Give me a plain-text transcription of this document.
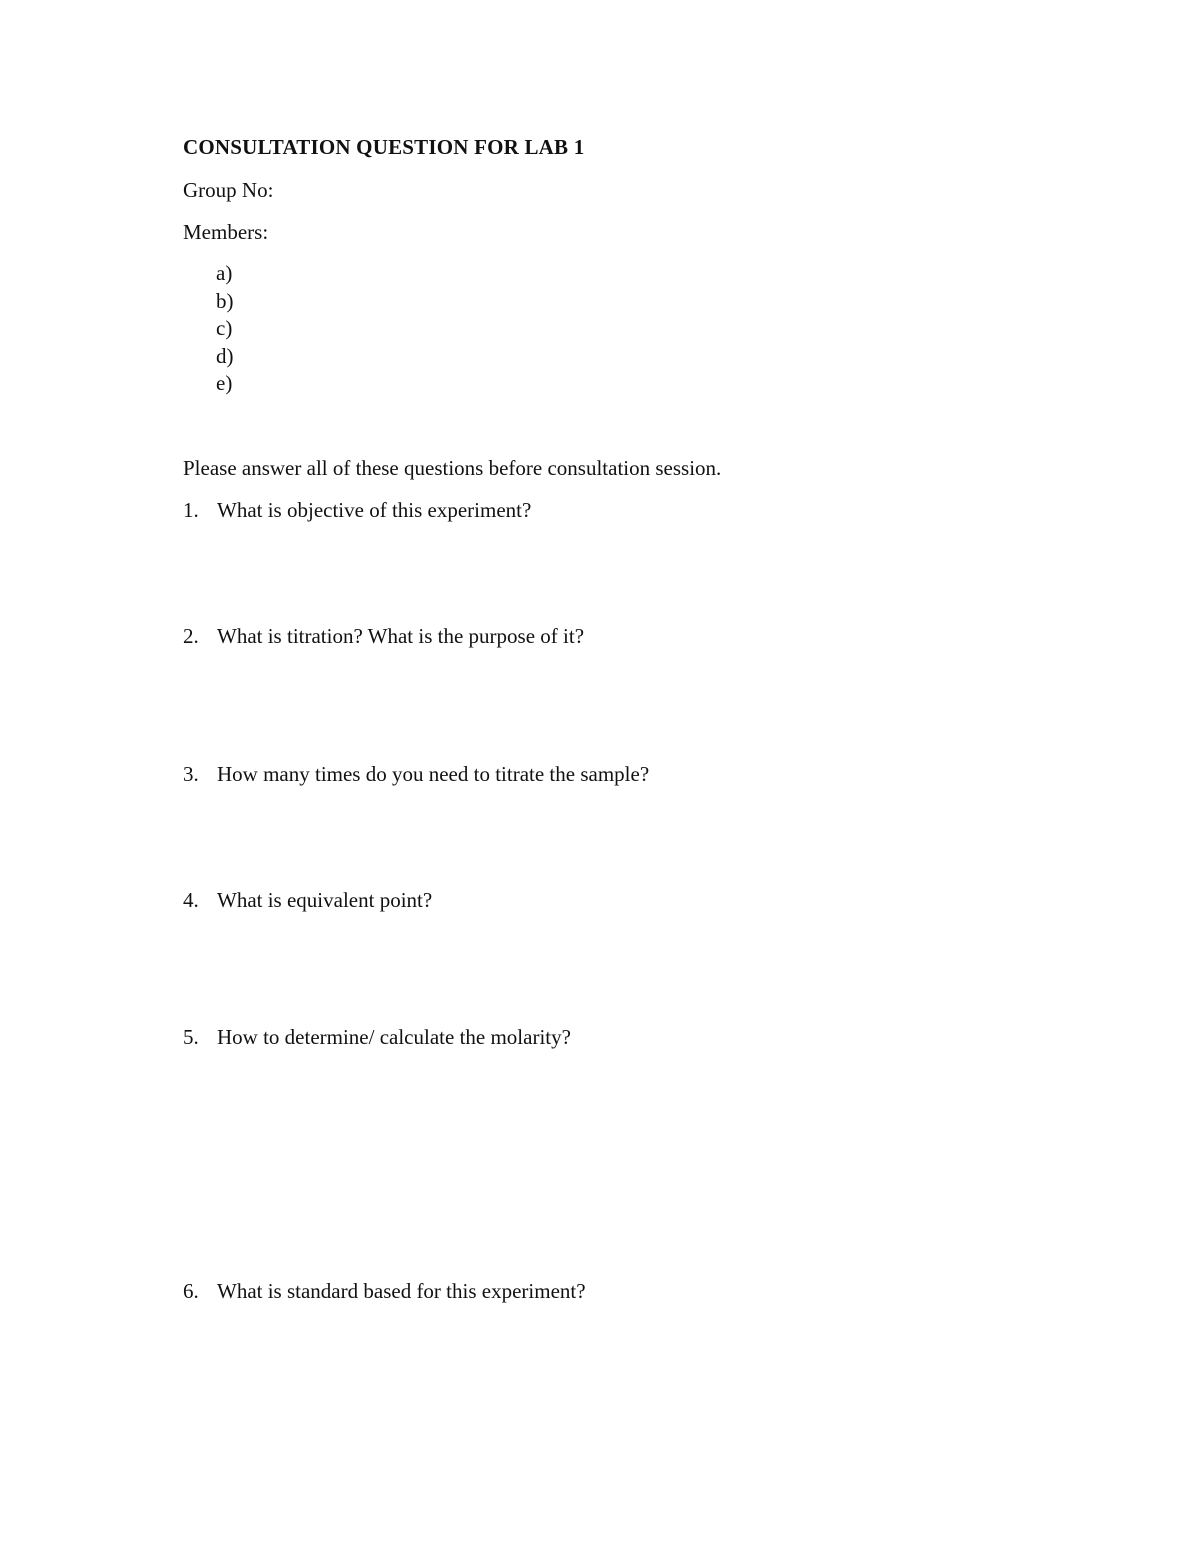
CONSULTATION QUESTION FOR LAB 1
Group No:
Members:
a)
b)
c)
d)
e)
Please answer all of these questions before consultation session.
1. What is objective of this experiment?
2. What is titration? What is the purpose of it?
3. How many times do you need to titrate the sample?
4. What is equivalent point?
5. How to determine/ calculate the molarity?
6. What is standard based for this experiment?
